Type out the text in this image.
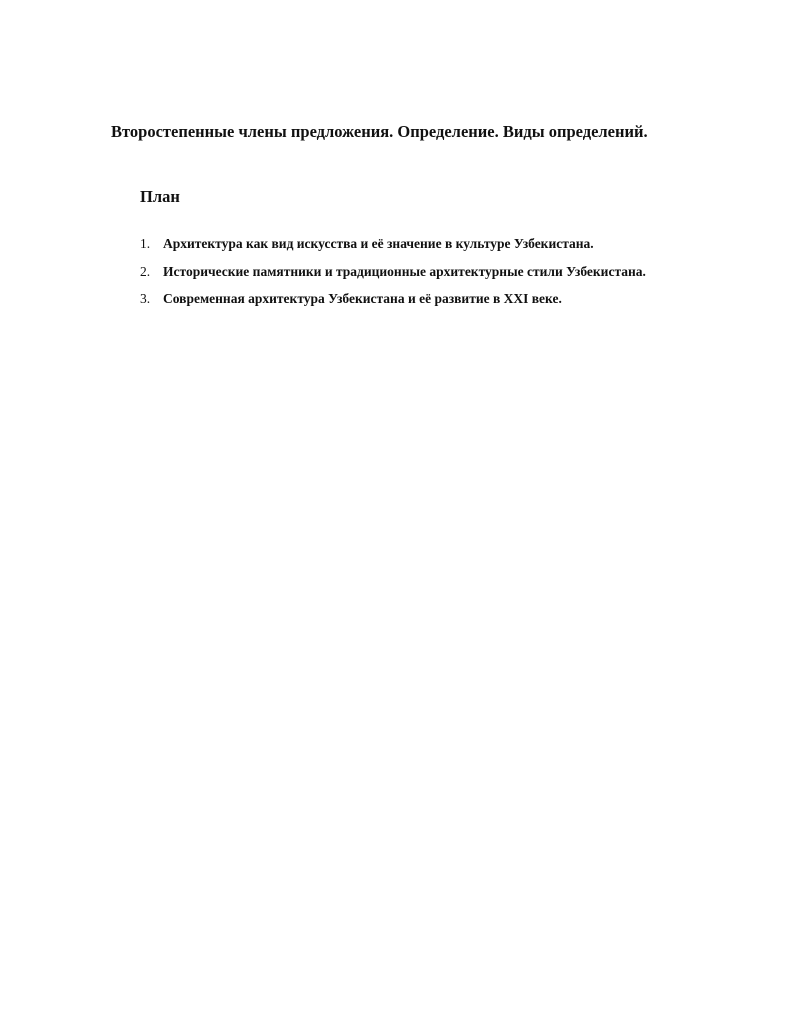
Второстепенные члены предложения. Определение. Виды определений.
План
1. Архитектура как вид искусства и её значение в культуре Узбекистана.
2. Исторические памятники и традиционные архитектурные стили Узбекистана.
3. Современная архитектура Узбекистана и её развитие в XXI веке.
